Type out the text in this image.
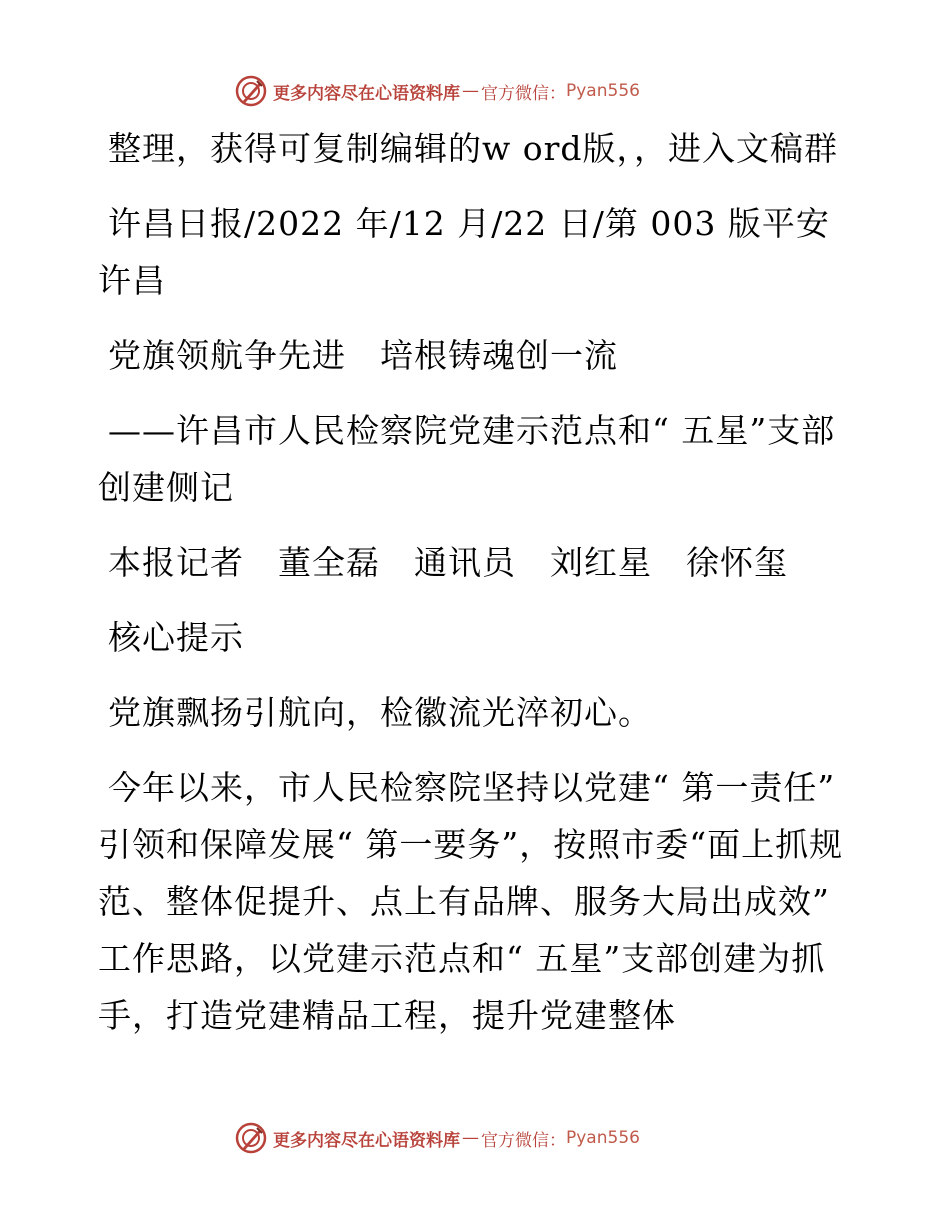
更多内容尽在心语资料库 — 官方微信： Pyan556

整理，获得可复制编辑的w ord版，，进入文稿群

许昌日报/2022 年/12 月/22 日/第 003 版平安许昌

党旗领航争先进　培根铸魂创一流

——许昌市人民检察院党建示范点和“ 五星”支部创建侧记

本报记者　董全磊　通讯员　刘红星　徐怀玺

核心提示

党旗飘扬引航向，检徽流光淬初心。

今年以来，市人民检察院坚持以党建“ 第一责任” 引领和保障发展“ 第一要务”，按照市委“面上抓规范、整体促提升、点上有品牌、服务大局出成效” 工作思路，以党建示范点和“ 五星”支部创建为抓手，打造党建精品工程，提升党建整体

更多内容尽在心语资料库 — 官方微信： Pyan556
